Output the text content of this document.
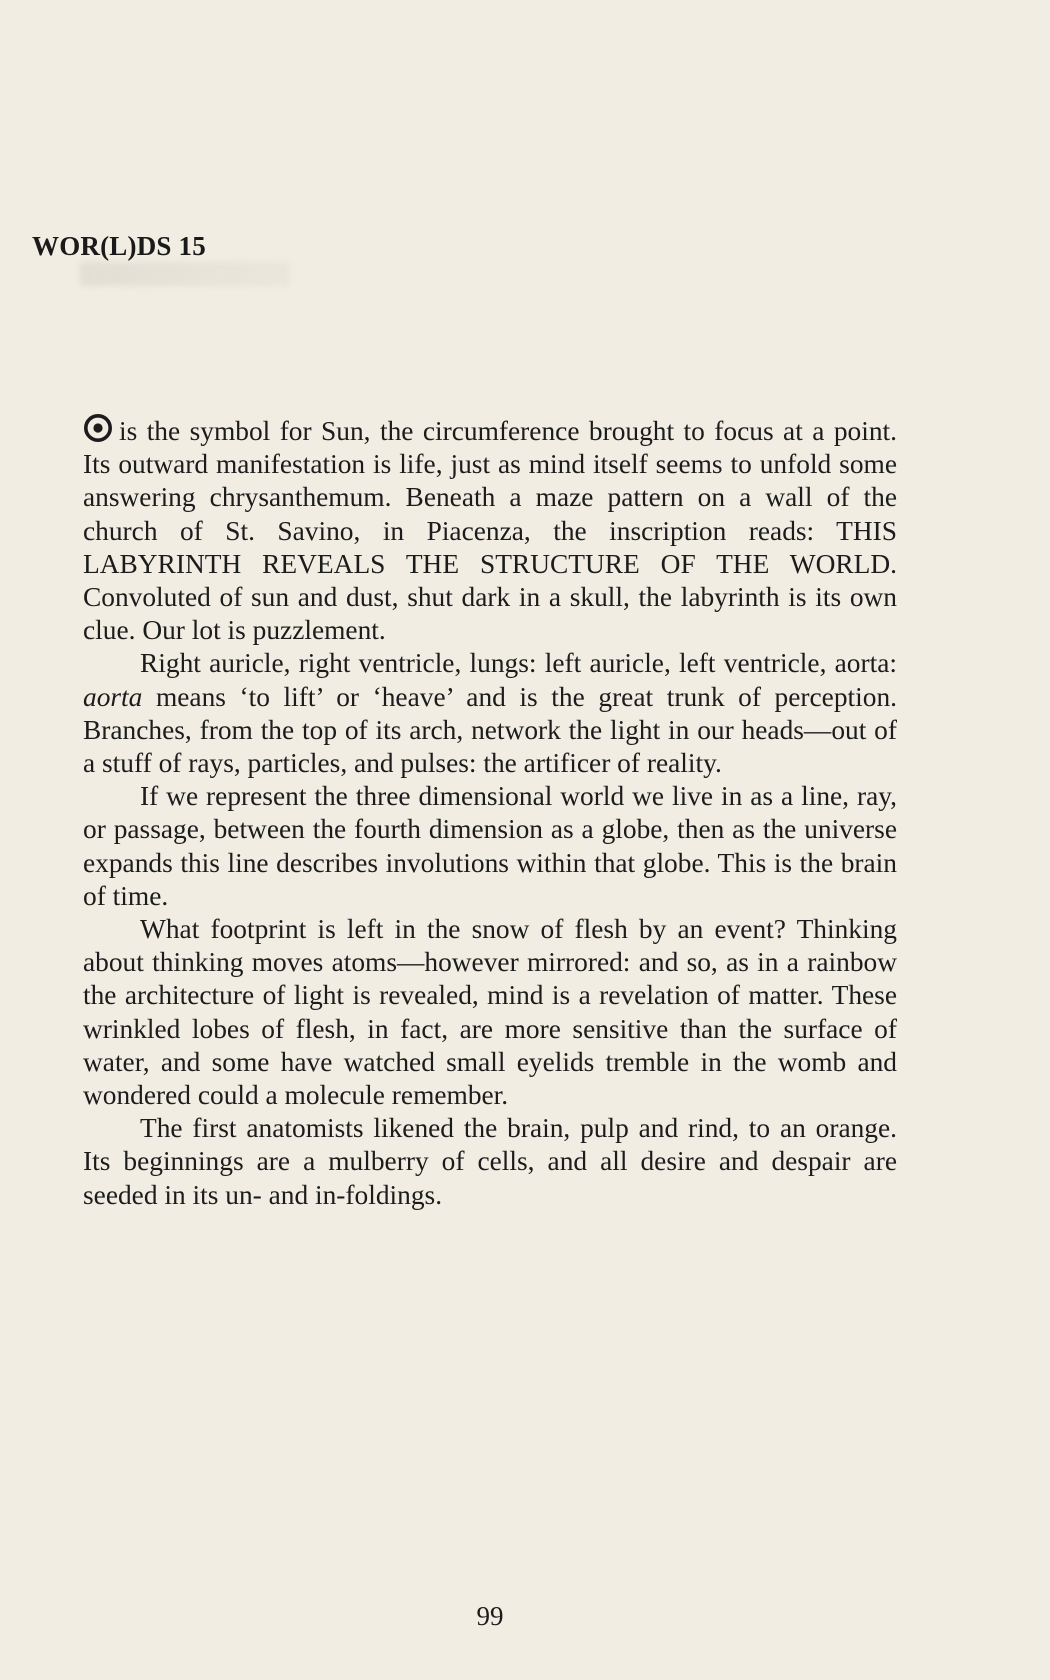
WOR(L)DS 15

is the symbol for Sun, the circumference brought to focus at a point. Its outward manifestation is life, just as mind itself seems to unfold some answering chrysanthemum. Beneath a maze pattern on a wall of the church of St. Savino, in Piacenza, the inscription reads: THIS LABYRINTH REVEALS THE STRUCTURE OF THE WORLD. Convoluted of sun and dust, shut dark in a skull, the labyrinth is its own clue. Our lot is puzzlement.

Right auricle, right ventricle, lungs: left auricle, left ventricle, aorta: aorta means ‘to lift’ or ‘heave’ and is the great trunk of perception. Branches, from the top of its arch, network the light in our heads—out of a stuff of rays, particles, and pulses: the artificer of reality.

If we represent the three dimensional world we live in as a line, ray, or passage, between the fourth dimension as a globe, then as the universe expands this line describes involutions within that globe. This is the brain of time.

What footprint is left in the snow of flesh by an event? Thinking about thinking moves atoms—however mirrored: and so, as in a rainbow the architecture of light is revealed, mind is a revelation of matter. These wrinkled lobes of flesh, in fact, are more sensitive than the surface of water, and some have watched small eyelids tremble in the womb and wondered could a molecule remember.

The first anatomists likened the brain, pulp and rind, to an orange. Its beginnings are a mulberry of cells, and all desire and despair are seeded in its un- and in-foldings.

99
